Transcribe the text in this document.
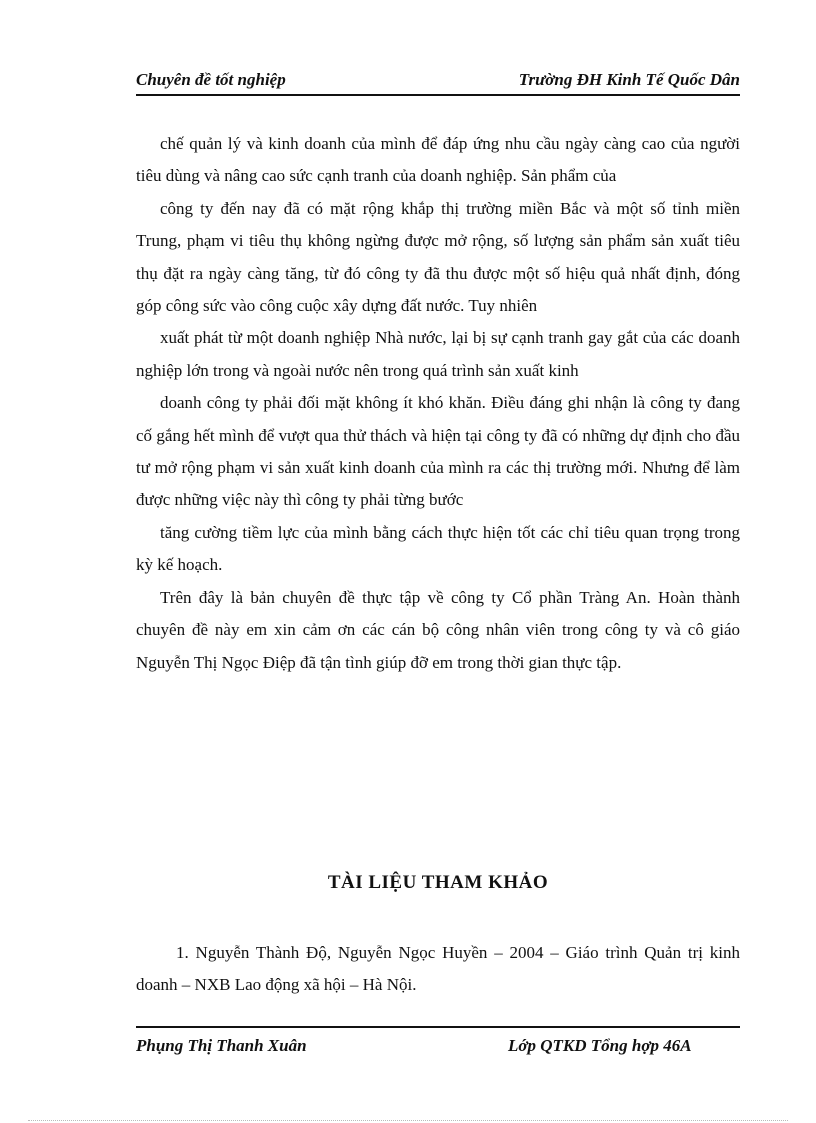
Chuyên đề tốt nghiệp	Trường ĐH Kinh Tế Quốc Dân

chế quản lý và kinh doanh của mình để đáp ứng nhu cầu ngày càng cao của người tiêu dùng và nâng cao sức cạnh tranh của doanh nghiệp. Sản phẩm của

công ty đến nay đã có mặt rộng khắp thị trường miền Bắc và một số tỉnh miền Trung, phạm vi tiêu thụ không ngừng được mở rộng, số lượng sản phẩm sản xuất tiêu thụ đặt ra ngày càng tăng, từ đó công ty đã thu được một số hiệu quả nhất định, đóng góp công sức vào công cuộc xây dựng đất nước. Tuy nhiên

xuất phát từ một doanh nghiệp Nhà nước, lại bị sự cạnh tranh gay gắt của các doanh nghiệp lớn trong và ngoài nước nên trong quá trình sản xuất kinh

doanh công ty phải đối mặt không ít khó khăn. Điều đáng ghi nhận là công ty đang cố gắng hết mình để vượt qua thử thách và hiện tại công ty đã có những dự định cho đầu tư mở rộng phạm vi sản xuất kinh doanh của mình ra các thị trường mới. Nhưng để làm được những việc này thì công ty phải từng bước

tăng cường tiềm lực của mình bằng cách thực hiện tốt các chỉ tiêu quan trọng trong kỳ kế hoạch.

Trên đây là bản chuyên đề thực tập về công ty Cổ phần Tràng An. Hoàn thành chuyên đề này em xin cảm ơn các cán bộ công nhân viên trong công ty và cô giáo Nguyễn Thị Ngọc Điệp đã tận tình giúp đỡ em trong thời gian thực tập.

TÀI LIỆU THAM KHẢO

1. Nguyễn Thành Độ, Nguyễn Ngọc Huyền – 2004 – Giáo trình Quản trị kinh doanh – NXB Lao động xã hội – Hà Nội.

Phụng Thị Thanh Xuân	Lớp QTKD Tổng hợp 46A
